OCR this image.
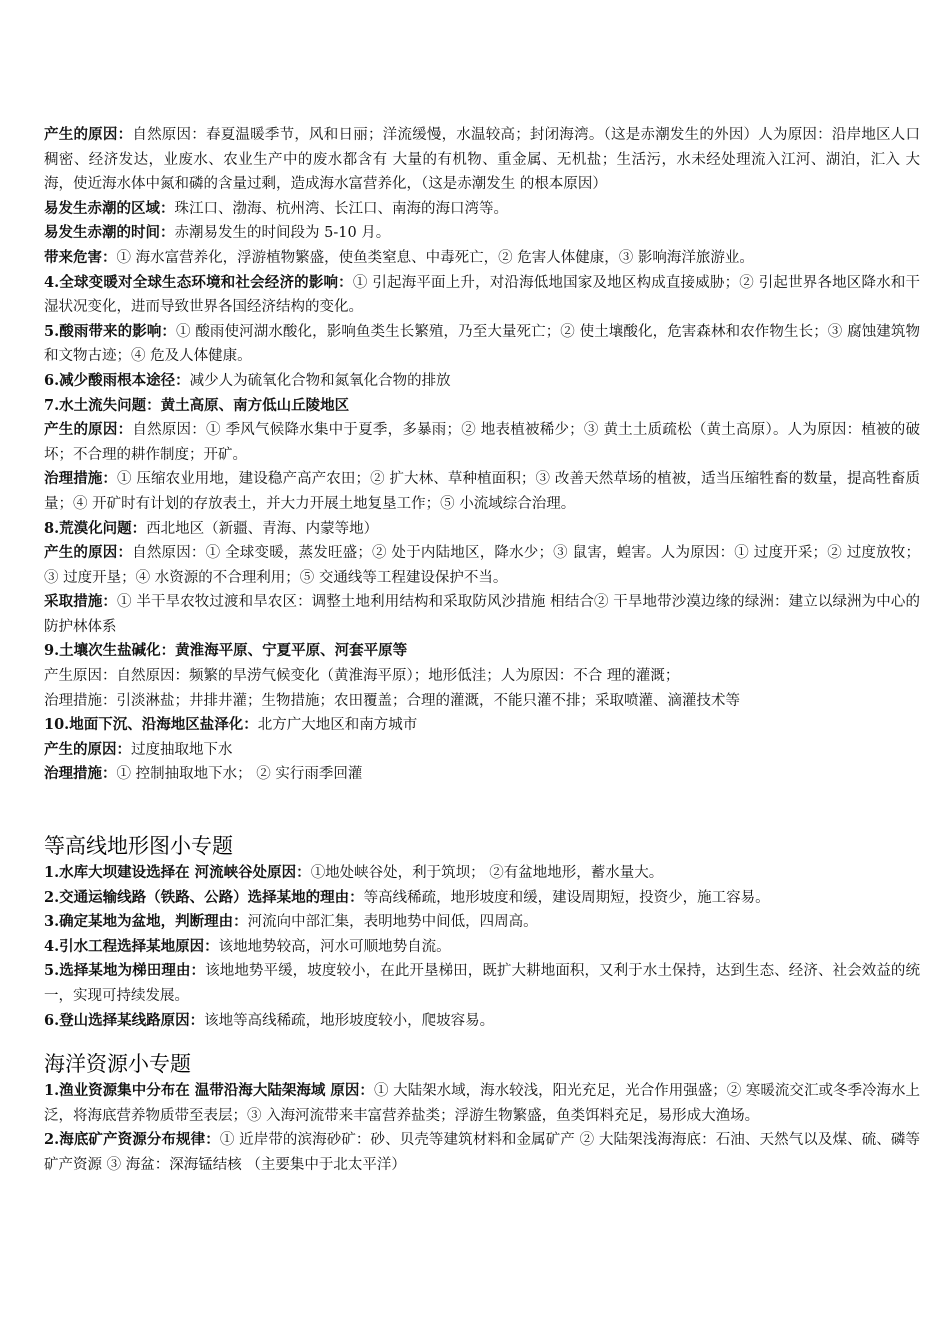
产生的原因：自然原因：春夏温暖季节，风和日丽；洋流缓慢，水温较高；封闭海湾。（这是赤潮发生的外因）人为原因：沿岸地区人口稠密、经济发达，业废水、农业生产中的废水都含有 大量的有机物、重金属、无机盐；生活污，水未经处理流入江河、湖泊，汇入 大海，使近海水体中氮和磷的含量过剩，造成海水富营养化，（这是赤潮发生 的根本原因）

易发生赤潮的区域：珠江口、渤海、杭州湾、长江口、南海的海口湾等。

易发生赤潮的时间：赤潮易发生的时间段为 5-10 月。

带来危害：① 海水富营养化，浮游植物繁盛，使鱼类窒息、中毒死亡，② 危害人体健康，③ 影响海洋旅游业。

4.全球变暖对全球生态环境和社会经济的影响：① 引起海平面上升，对沿海低地国家及地区构成直接威胁；② 引起世界各地区降水和干湿状况变化，进而导致世界各国经济结构的变化。

5.酸雨带来的影响：① 酸雨使河湖水酸化，影响鱼类生长繁殖，乃至大量死亡；② 使土壤酸化，危害森林和农作物生长；③ 腐蚀建筑物和文物古迹；④ 危及人体健康。

6.减少酸雨根本途径：减少人为硫氧化合物和氮氧化合物的排放

7.水土流失问题：黄土高原、南方低山丘陵地区

产生的原因：自然原因：① 季风气候降水集中于夏季，多暴雨；② 地表植被稀少；③ 黄土土质疏松（黄土高原）。人为原因：植被的破坏；不合理的耕作制度；开矿。

治理措施：① 压缩农业用地，建设稳产高产农田；② 扩大林、草种植面积；③ 改善天然草场的植被，适当压缩牲畜的数量，提高牲畜质量；④ 开矿时有计划的存放表土，并大力开展土地复垦工作；⑤ 小流域综合治理。

8.荒漠化问题：西北地区（新疆、青海、内蒙等地）

产生的原因：自然原因：① 全球变暖，蒸发旺盛；② 处于内陆地区，降水少；③ 鼠害，蝗害。人为原因：① 过度开采；② 过度放牧；③ 过度开垦；④ 水资源的不合理利用；⑤ 交通线等工程建设保护不当。

采取措施：① 半干旱农牧过渡和旱农区：调整土地利用结构和采取防风沙措施 相结合② 干旱地带沙漠边缘的绿洲：建立以绿洲为中心的防护林体系

9.土壤次生盐碱化：黄淮海平原、宁夏平原、河套平原等

产生原因：自然原因：频繁的旱涝气候变化（黄淮海平原）；地形低洼；人为原因：不合 理的灌溉；

治理措施：引淡淋盐；井排井灌；生物措施；农田覆盖；合理的灌溉，不能只灌不排；采取喷灌、滴灌技术等

10.地面下沉、沿海地区盐泽化：北方广大地区和南方城市

产生的原因：过度抽取地下水

治理措施：① 控制抽取地下水； ② 实行雨季回灌

等高线地形图小专题

1.水库大坝建设选择在 河流峡谷处原因：①地处峡谷处，利于筑坝； ②有盆地地形，蓄水量大。

2.交通运输线路（铁路、公路）选择某地的理由：等高线稀疏，地形坡度和缓，建设周期短，投资少，施工容易。

3.确定某地为盆地，判断理由：河流向中部汇集，表明地势中间低，四周高。

4.引水工程选择某地原因：该地地势较高，河水可顺地势自流。

5.选择某地为梯田理由：该地地势平缓，坡度较小，在此开垦梯田，既扩大耕地面积，又利于水土保持，达到生态、经济、社会效益的统一，实现可持续发展。

6.登山选择某线路原因：该地等高线稀疏，地形坡度较小，爬坡容易。

海洋资源小专题

1.渔业资源集中分布在 温带沿海大陆架海域 原因：① 大陆架水域，海水较浅，阳光充足，光合作用强盛；② 寒暖流交汇或冬季冷海水上泛，将海底营养物质带至表层；③ 入海河流带来丰富营养盐类；浮游生物繁盛，鱼类饵料充足，易形成大渔场。

2.海底矿产资源分布规律：① 近岸带的滨海砂矿：砂、贝壳等建筑材料和金属矿产 ② 大陆架浅海海底：石油、天然气以及煤、硫、磷等矿产资源 ③ 海盆：深海锰结核 （主要集中于北太平洋）
